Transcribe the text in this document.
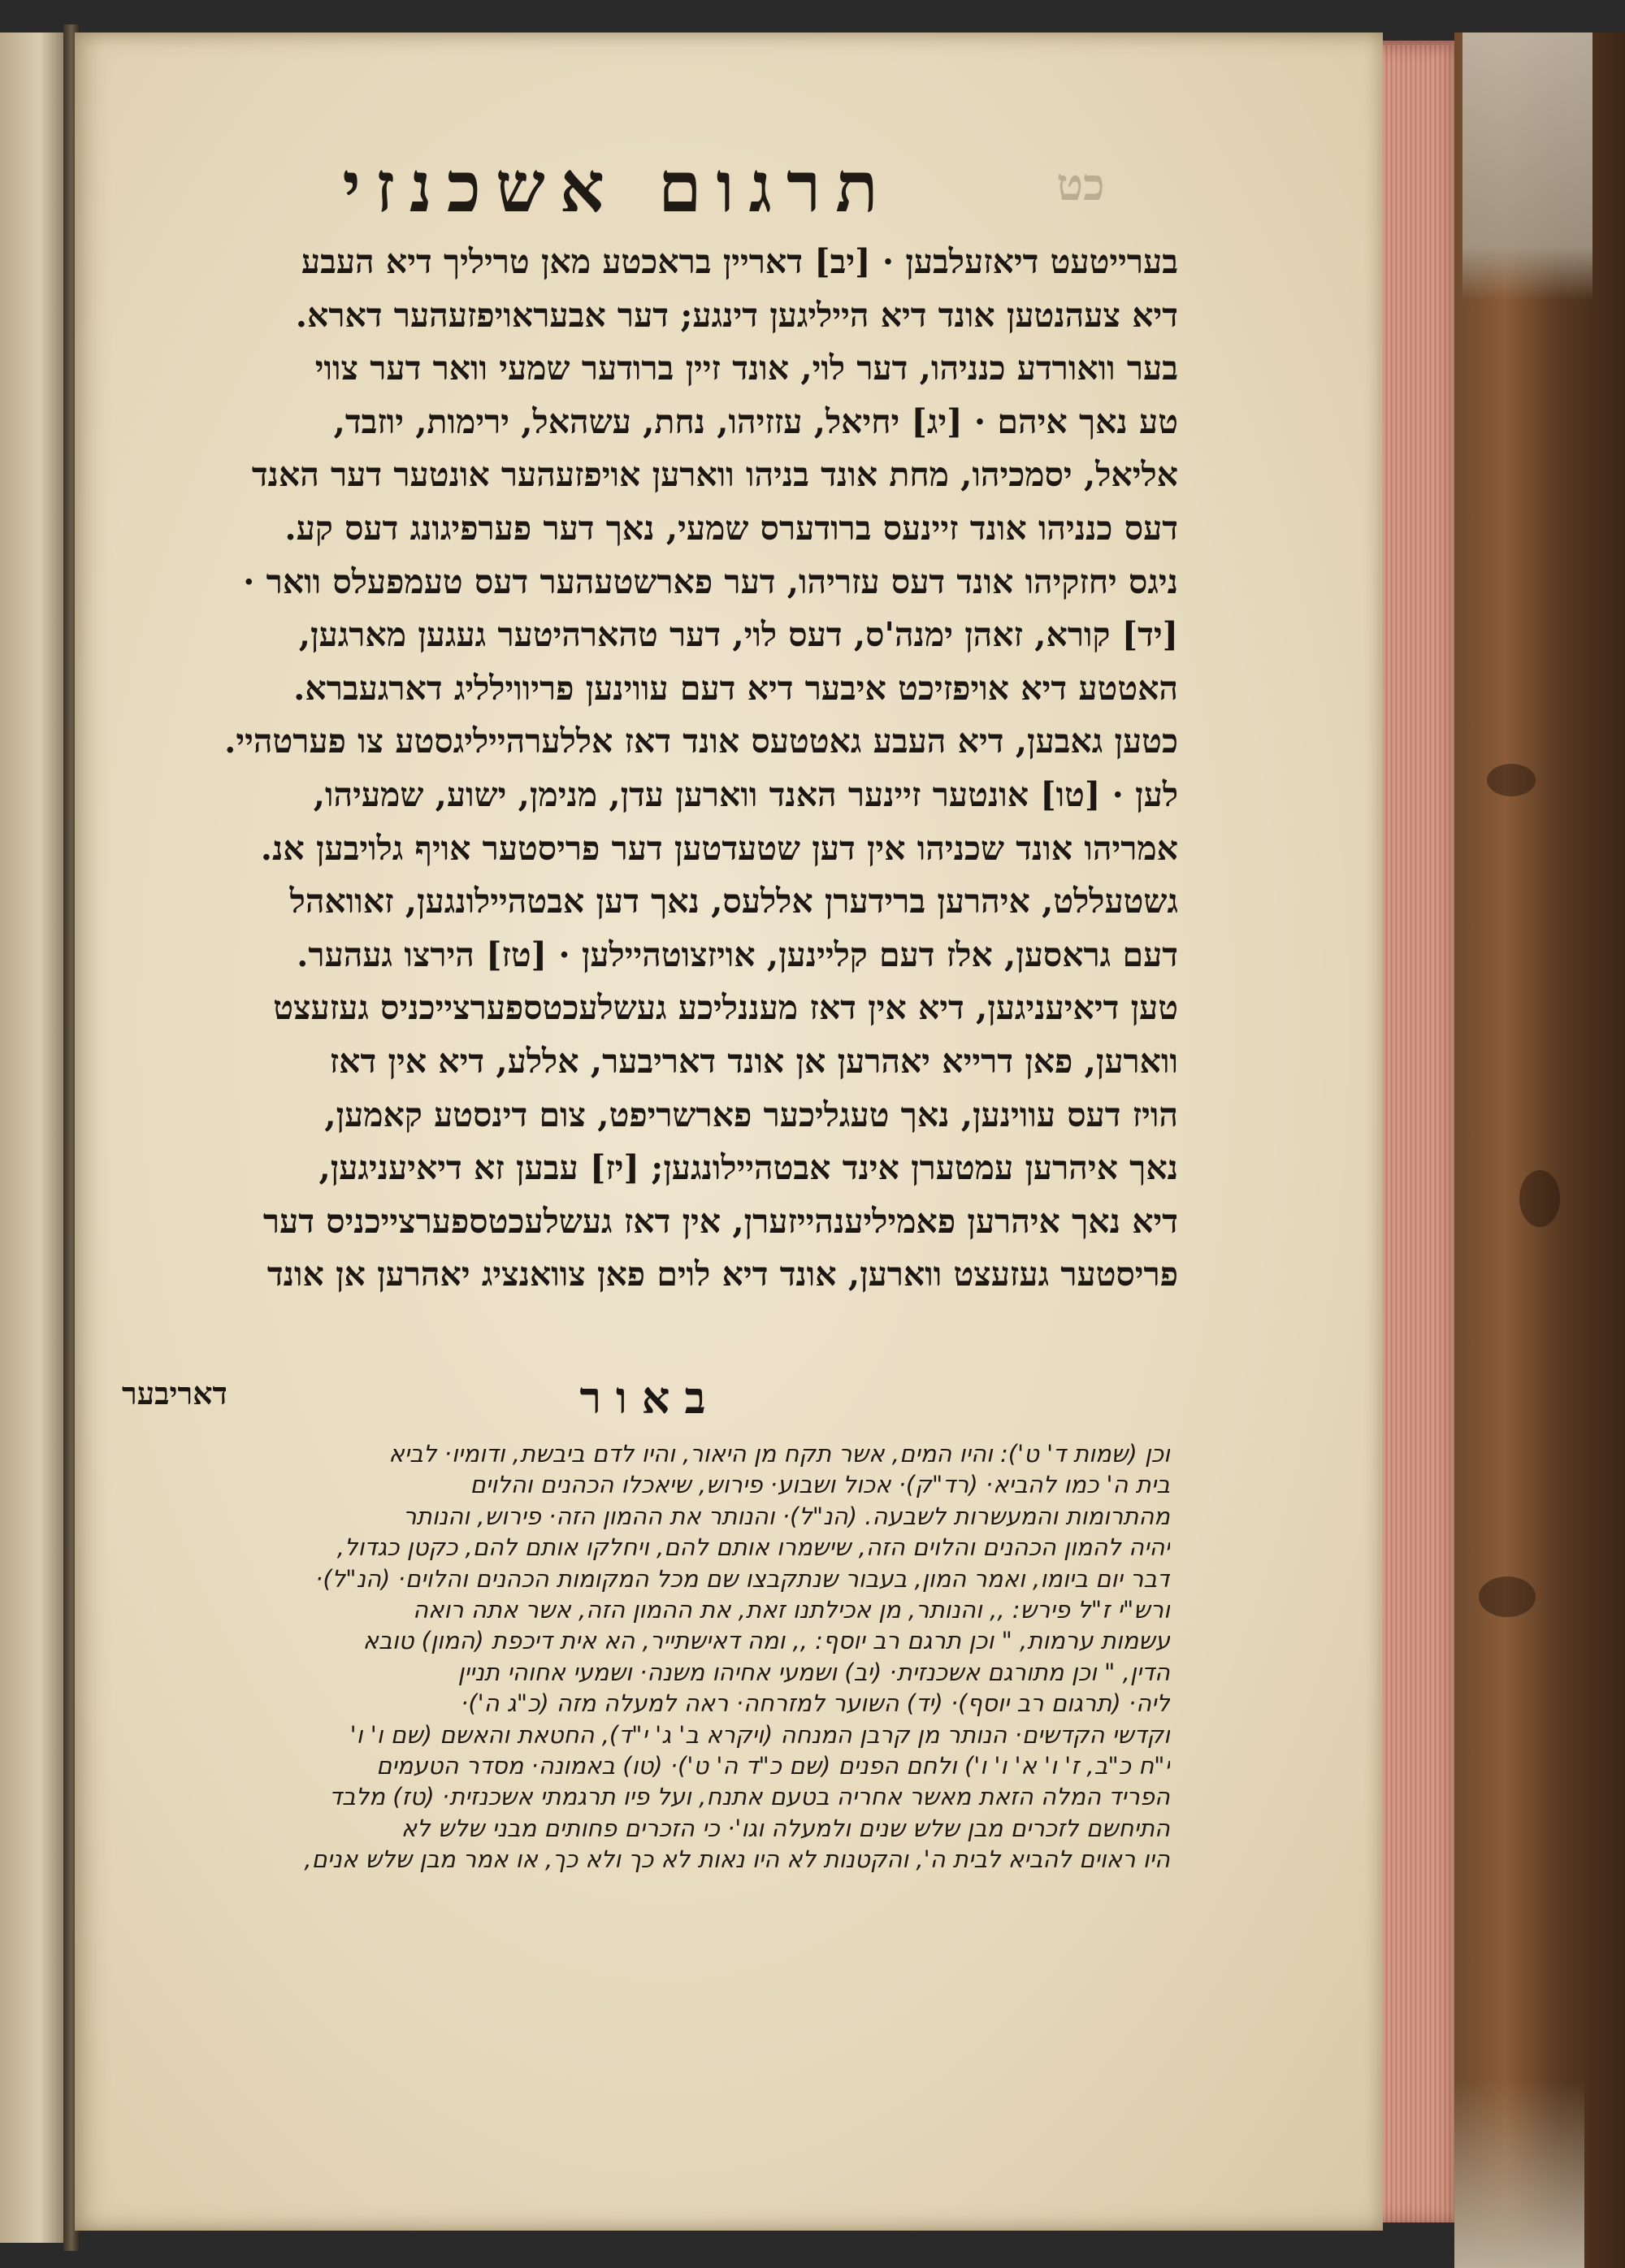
כט
תרגום אשכנזי
בערייטעט דיאזעלבען · [יב] דאריין בראכטע מאן טריליך דיא העבע
דיא צעהנטען אונד דיא הייליגען דינגע; דער אבעראויפזעהער דארא.
בער וואורדע כנניהו, דער לוי, אונד זיין ברודער שמעי וואר דער צווי
טע נאך איהם · [יג] יחיאל, עזזיהו, נחת, עשהאל, ירימות, יוזבד,
אליאל, יסמכיהו, מחת אונד בניהו ווארען אויפזעהער אונטער דער האנד
דעס כנניהו אונד זיינעס ברודערס שמעי, נאך דער פערפיגונג דעס קע.
ניגס יחזקיהו אונד דעס עזריהו, דער פארשטעהער דעס טעמפעלס וואר ·
[יד] קורא, זאהן ימנה'ס, דעס לוי, דער טהארהיטער געגען מארגען,
האטטע דיא אויפזיכט איבער דיא דעם עווינען פריווילליג דארגעברא.
כטען גאבען, דיא העבע גאטטעס אונד דאז אללערהייליגסטע צו פערטהיי.
לען · [טו] אונטער זיינער האנד ווארען עדן, מנימן, ישוע, שמעיהו,
אמריהו אונד שכניהו אין דען שטעדטען דער פריסטער אויף גלויבען אנ.
גשטעללט, איהרען ברידערן אללעס, נאך דען אבטהיילונגען, זאוואהל
דעם גראסען, אלז דעם קליינען, אויזצוטהיילען · [טז] הירצו געהער.
טען דיאיעניגען, דיא אין דאז מעננליכע געשלעכטספערצייכניס געזעצט
ווארען, פאן דרייא יאהרען אן אונד דאריבער, אללע, דיא אין דאז
הויז דעס עווינען, נאך טעגליכער פארשריפט, צום דינסטע קאמען,
נאך איהרען עמטערן אינד אבטהיילונגען; [יז] עבען זא דיאיעניגען,
דיא נאך איהרען פאמיליענהייזערן, אין דאז געשלעכטספערצייכניס דער
פריסטער געזעצט ווארען, אונד דיא לוים פאן צוואנציג יאהרען אן אונד
באור
דאריבער
וכן (שמות ד' ט'): והיו המים, אשר תקח מן היאור, והיו לדם ביבשת, ודומיו· לביא
בית ה' כמו להביא· (רד"ק)· אכול ושבוע· פירוש, שיאכלו הכהנים והלוים
מהתרומות והמעשרות לשבעה. (הנ"ל)· והנותר את ההמון הזה· פירוש, והנותר
יהיה להמון הכהנים והלוים הזה, שישמרו אותם להם, ויחלקו אותם להם, כקטן כגדול,
דבר יום ביומו, ואמר המון, בעבור שנתקבצו שם מכל המקומות הכהנים והלוים· (הנ"ל)·
ורש"י ז"ל פירש: ,, והנותר, מן אכילתנו זאת, את ההמון הזה, אשר אתה רואה
עשמות ערמות, " וכן תרגם רב יוסף: ,, ומה דאישתייר, הא אית דיכפת (המון) טובא
הדין, " וכן מתורגם אשכנזית· (יב) ושמעי אחיהו משנה· ושמעי אחוהי תניין
ליה· (תרגום רב יוסף)· (יד) השוער למזרחה· ראה למעלה מזה (כ"ג ה')·
וקדשי הקדשים· הנותר מן קרבן המנחה (ויקרא ב' ג' י"ד), החטאת והאשם (שם ו' ו'
י"ח כ"ב, ז' ו' א' ו' ו') ולחם הפנים (שם כ"ד ה' ט')· (טו) באמונה· מסדר הטעמים
הפריד המלה הזאת מאשר אחריה בטעם אתנח, ועל פיו תרגמתי אשכנזית· (טז) מלבד
התיחשם לזכרים מבן שלש שנים ולמעלה וגו'· כי הזכרים פחותים מבני שלש לא
היו ראוים להביא לבית ה', והקטנות לא היו נאות לא כך ולא כך, או אמר מבן שלש אנים,
